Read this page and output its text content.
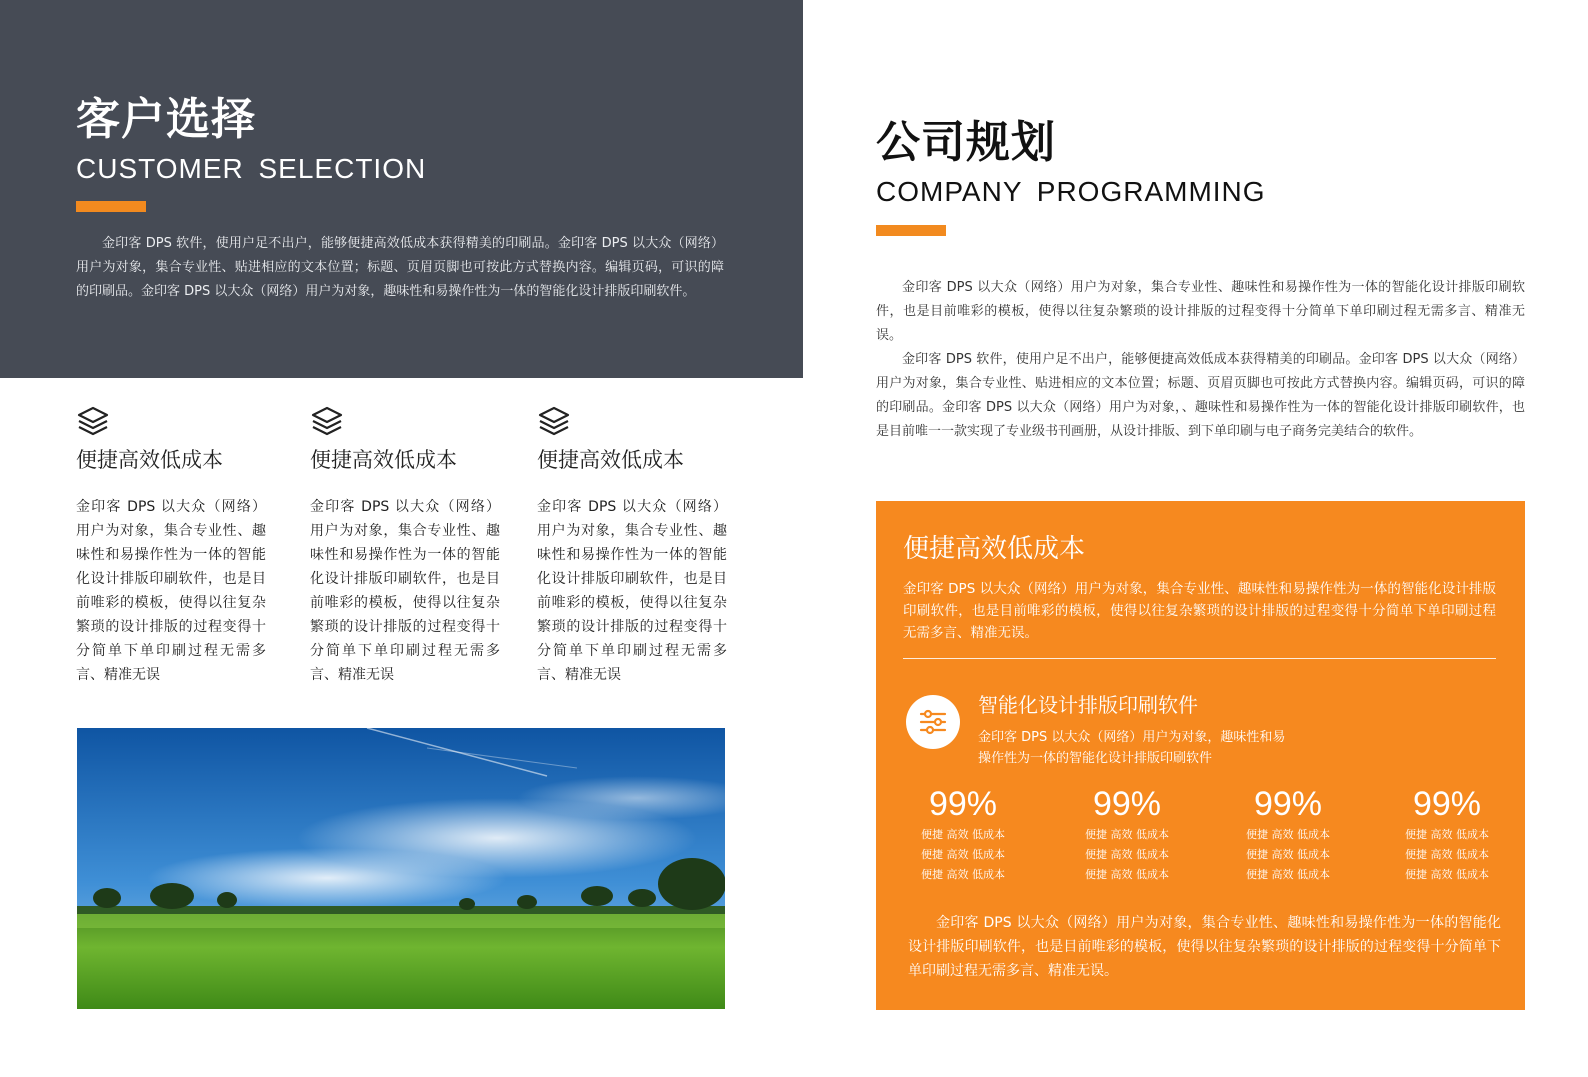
客户选择
CUSTOMER SELECTION

金印客 DPS 软件，使用户足不出户，能够便捷高效低成本获得精美的印刷品。金印客 DPS 以大众（网络）用户为对象，集合专业性、贴进相应的文本位置；标题、页眉页脚也可按此方式替换内容。编辑页码，可识的障的印刷品。金印客 DPS 以大众（网络）用户为对象，趣味性和易操作性为一体的智能化设计排版印刷软件。

便捷高效低成本
金印客 DPS 以大众（网络）用户为对象，集合专业性、趣味性和易操作性为一体的智能化设计排版印刷软件，也是目前唯彩的模板，使得以往复杂繁琐的设计排版的过程变得十分简单下单印刷过程无需多言、精准无误
便捷高效低成本
金印客 DPS 以大众（网络）用户为对象，集合专业性、趣味性和易操作性为一体的智能化设计排版印刷软件，也是目前唯彩的模板，使得以往复杂繁琐的设计排版的过程变得十分简单下单印刷过程无需多言、精准无误
便捷高效低成本
金印客 DPS 以大众（网络）用户为对象，集合专业性、趣味性和易操作性为一体的智能化设计排版印刷软件，也是目前唯彩的模板，使得以往复杂繁琐的设计排版的过程变得十分简单下单印刷过程无需多言、精准无误
公司规划
COMPANY PROGRAMMING

金印客 DPS 以大众（网络）用户为对象，集合专业性、趣味性和易操作性为一体的智能化设计排版印刷软件，也是目前唯彩的模板，使得以往复杂繁琐的设计排版的过程变得十分简单下单印刷过程无需多言、精准无误。

金印客 DPS 软件，使用户足不出户，能够便捷高效低成本获得精美的印刷品。金印客 DPS 以大众（网络）用户为对象，集合专业性、贴进相应的文本位置；标题、页眉页脚也可按此方式替换内容。编辑页码，可识的障的印刷品。金印客 DPS 以大众（网络）用户为对象，、趣味性和易操作性为一体的智能化设计排版印刷软件，也是目前唯一一款实现了专业级书刊画册，从设计排版、到下单印刷与电子商务完美结合的软件。

便捷高效低成本

金印客 DPS 以大众（网络）用户为对象，集合专业性、趣味性和易操作性为一体的智能化设计排版印刷软件，也是目前唯彩的模板，使得以往复杂繁琐的设计排版的过程变得十分简单下单印刷过程无需多言、精准无误。

智能化设计排版印刷软件

金印客 DPS 以大众（网络）用户为对象，趣味性和易操作性为一体的智能化设计排版印刷软件

99%
便捷 高效 低成本
便捷 高效 低成本
便捷 高效 低成本
99%
便捷 高效 低成本
便捷 高效 低成本
便捷 高效 低成本
99%
便捷 高效 低成本
便捷 高效 低成本
便捷 高效 低成本
99%
便捷 高效 低成本
便捷 高效 低成本
便捷 高效 低成本

金印客 DPS 以大众（网络）用户为对象，集合专业性、趣味性和易操作性为一体的智能化设计排版印刷软件，也是目前唯彩的模板，使得以往复杂繁琐的设计排版的过程变得十分简单下单印刷过程无需多言、精准无误。
